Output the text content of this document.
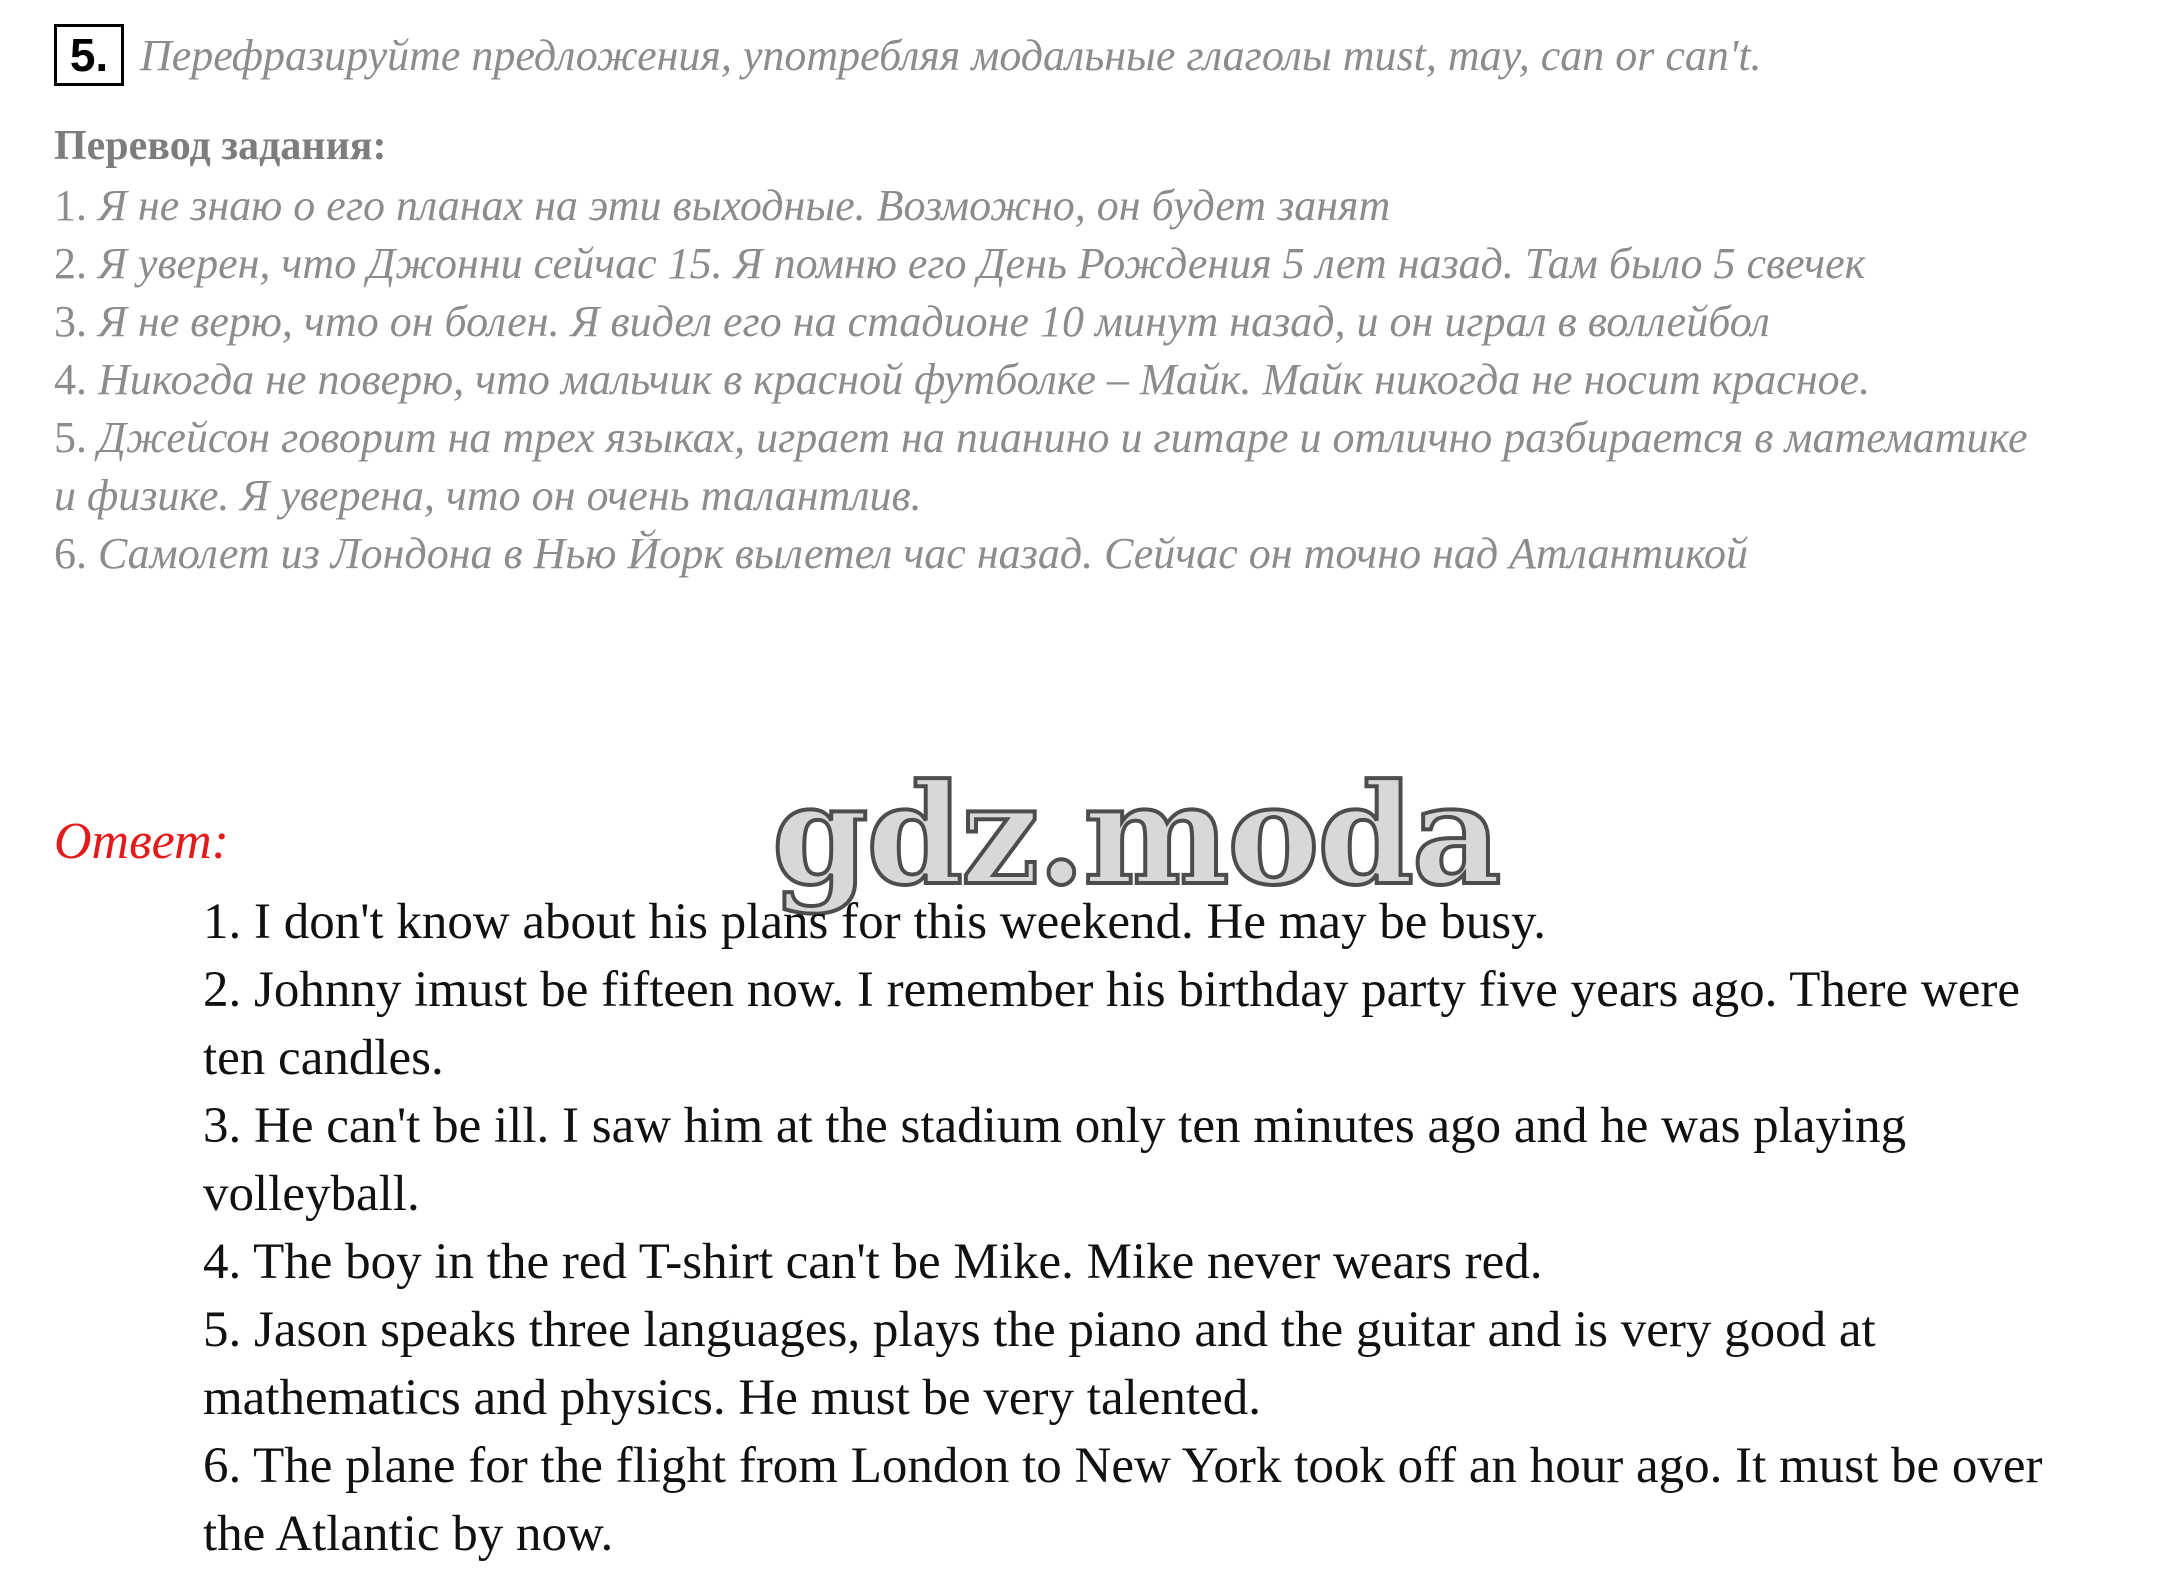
5. Перефразируйте предложения, употребляя модальные глаголы must, may, can or can't.
Перевод задания:
1. Я не знаю о его планах на эти выходные. Возможно, он будет занят
2. Я уверен, что Джонни сейчас 15. Я помню его День Рождения 5 лет назад. Там было 5 свечек
3. Я не верю, что он болен. Я видел его на стадионе 10 минут назад, и он играл в воллейбол
4. Никогда не поверю, что мальчик в красной футболке – Майк. Майк никогда не носит красное.
5. Джейсон говорит на трех языках, играет на пианино и гитаре и отлично разбирается в математике и физике. Я уверена, что он очень талантлив.
6. Самолет из Лондона в Нью Йорк вылетел час назад. Сейчас он точно над Атлантикой
Ответ:	gdz.moda

1. I don't know about his plans for this weekend. He may be busy.

2. Johnny imust be fifteen now. I remember his birthday party five years ago. There were ten candles.

3. He can't be ill. I saw him at the stadium only ten minutes ago and he was playing volleyball.

4. The boy in the red T-shirt can't be Mike. Mike never wears red.

5. Jason speaks three languages, plays the piano and the guitar and is very good at mathematics and physics. He must be very talented.

6. The plane for the flight from London to New York took off an hour ago. It must be over the Atlantic by now.
